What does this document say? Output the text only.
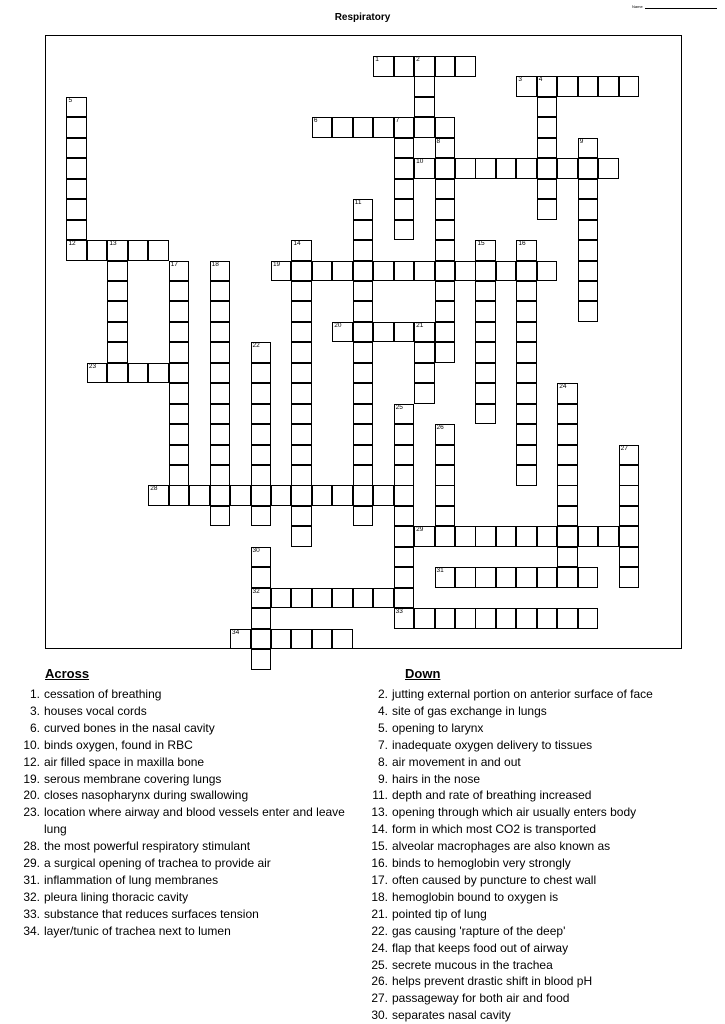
Name
Respiratory
1	2
3	4
5
6	7
8	9
10
11
12	13	14	15	16
17	18	19
20	21
22
23
24
25
26
27
28
29
30
32
31
33
34
Across
1. cessation of breathing
3. houses vocal cords
6. curved bones in the nasal cavity
10. binds oxygen, found in RBC
12. air filled space in maxilla bone
19. serous membrane covering lungs
20. closes nasopharynx during swallowing
23. location where airway and blood vessels enter and leave lung
28. the most powerful respiratory stimulant
29. a surgical opening of trachea to provide air
31. inflammation of lung membranes
32. pleura lining thoracic cavity
33. substance that reduces surfaces tension
34. layer/tunic of trachea next to lumen
Down
2. jutting external portion on anterior surface of face
4. site of gas exchange in lungs
5. opening to larynx
7. inadequate oxygen delivery to tissues
8. air movement in and out
9. hairs in the nose
11. depth and rate of breathing increased
13. opening through which air usually enters body
14. form in which most CO2 is transported
15. alveolar macrophages are also known as
16. binds to hemoglobin very strongly
17. often caused by puncture to chest wall
18. hemoglobin bound to oxygen is
21. pointed tip of lung
22. gas causing 'rapture of the deep'
24. flap that keeps food out of airway
25. secrete mucous in the trachea
26. helps prevent drastic shift in blood pH
27. passageway for both air and food
30. separates nasal cavity
